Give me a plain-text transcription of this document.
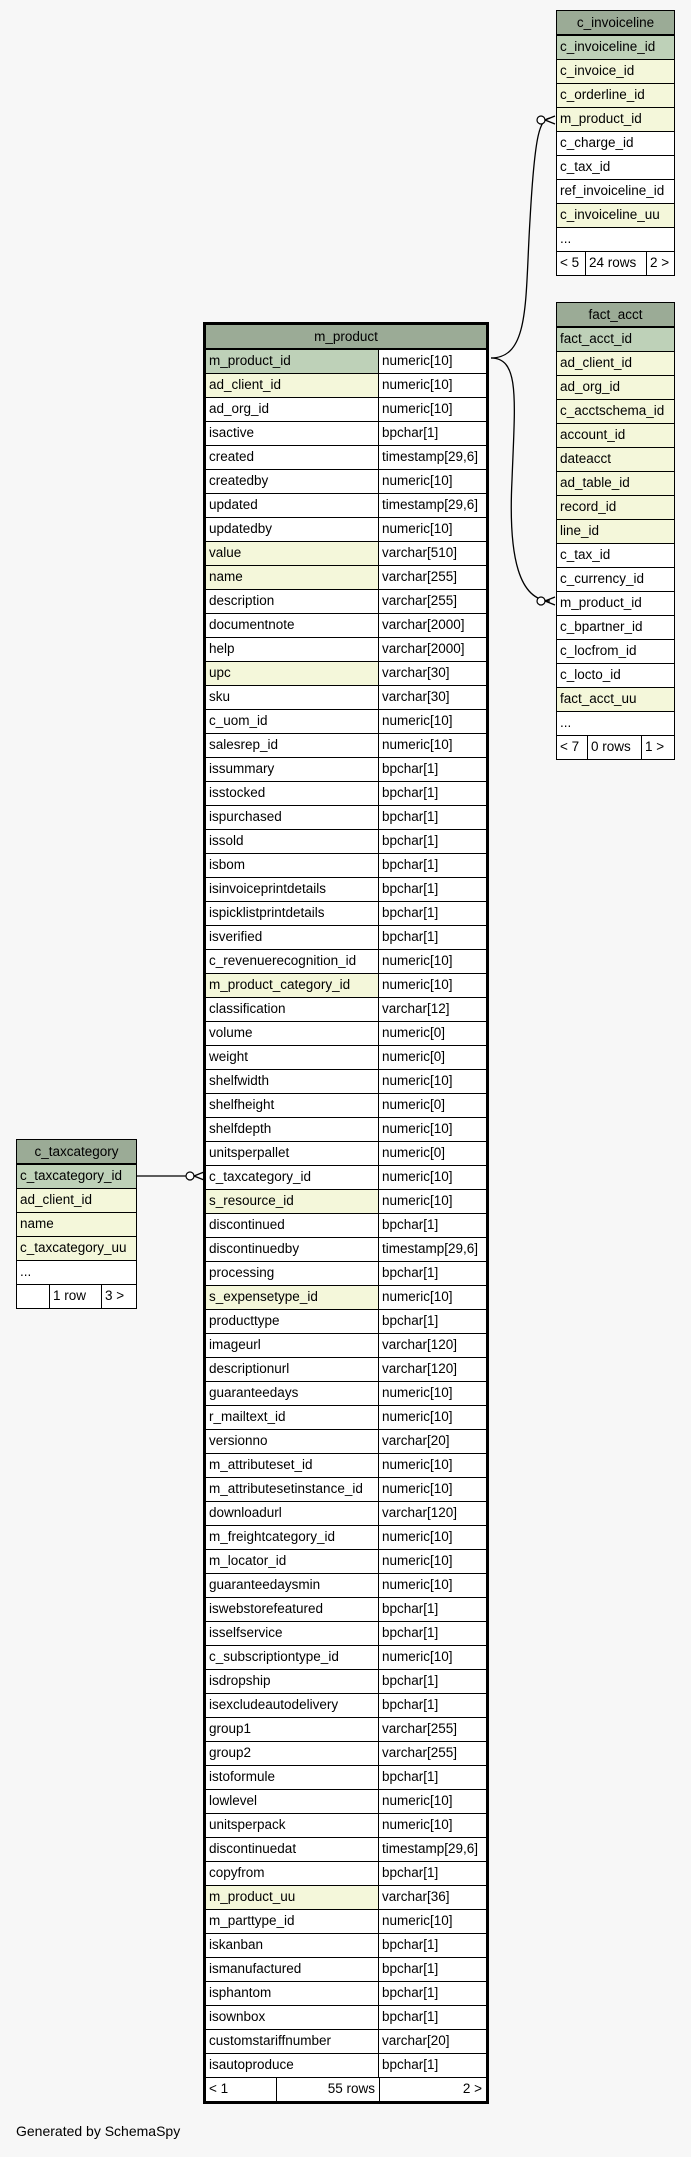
c_invoiceline
c_invoiceline_id
c_invoice_id
c_orderline_id
m_product_id
c_charge_id
c_tax_id
ref_invoiceline_id
c_invoiceline_uu
...
< 5 24 rows	2 >
fact_acct
fact_acct_id
ad_client_id
ad_org_id
c_acctschema_id
account_id
dateacct
ad_table_id
record_id
line_id
c_tax_id
c_currency_id
m_product_id
c_bpartner_id
c_locfrom_id
c_locto_id
fact_acct_uu
...
< 7 0 rows	1 >
c_taxcategory
c_taxcategory_id
ad_client_id
name
c_taxcategory_uu
...
1 row	3 >
m_product
m_product_id	numeric[10]
ad_client_id	numeric[10]
ad_org_id	numeric[10]
isactive	bpchar[1]
created	timestamp[29,6]
createdby	numeric[10]
updated	timestamp[29,6]
updatedby	numeric[10]
value	varchar[510]
name	varchar[255]
description	varchar[255]
documentnote	varchar[2000]
help	varchar[2000]
upc	varchar[30]
sku	varchar[30]
c_uom_id	numeric[10]
salesrep_id	numeric[10]
issummary	bpchar[1]
isstocked	bpchar[1]
ispurchased	bpchar[1]
issold	bpchar[1]
isbom	bpchar[1]
isinvoiceprintdetails	bpchar[1]
ispicklistprintdetails	bpchar[1]
isverified	bpchar[1]
c_revenuerecognition_id	numeric[10]
m_product_category_id	numeric[10]
classification	varchar[12]
volume	numeric[0]
weight	numeric[0]
shelfwidth	numeric[10]
shelfheight	numeric[0]
shelfdepth	numeric[10]
unitsperpallet	numeric[0]
c_taxcategory_id	numeric[10]
s_resource_id	numeric[10]
discontinued	bpchar[1]
discontinuedby	timestamp[29,6]
processing	bpchar[1]
s_expensetype_id	numeric[10]
producttype	bpchar[1]
imageurl	varchar[120]
descriptionurl	varchar[120]
guaranteedays	numeric[10]
r_mailtext_id	numeric[10]
versionno	varchar[20]
m_attributeset_id	numeric[10]
m_attributesetinstance_id	numeric[10]
downloadurl	varchar[120]
m_freightcategory_id	numeric[10]
m_locator_id	numeric[10]
guaranteedaysmin	numeric[10]
iswebstorefeatured	bpchar[1]
isselfservice	bpchar[1]
c_subscriptiontype_id	numeric[10]
isdropship	bpchar[1]
isexcludeautodelivery	bpchar[1]
group1	varchar[255]
group2	varchar[255]
istoformule	bpchar[1]
lowlevel	numeric[10]
unitsperpack	numeric[10]
discontinuedat	timestamp[29,6]
copyfrom	bpchar[1]
m_product_uu	varchar[36]
m_parttype_id	numeric[10]
iskanban	bpchar[1]
ismanufactured	bpchar[1]
isphantom	bpchar[1]
isownbox	bpchar[1]
customstariffnumber	varchar[20]
isautoproduce	bpchar[1]
< 1	55 rows	2 >
Generated by SchemaSpy
